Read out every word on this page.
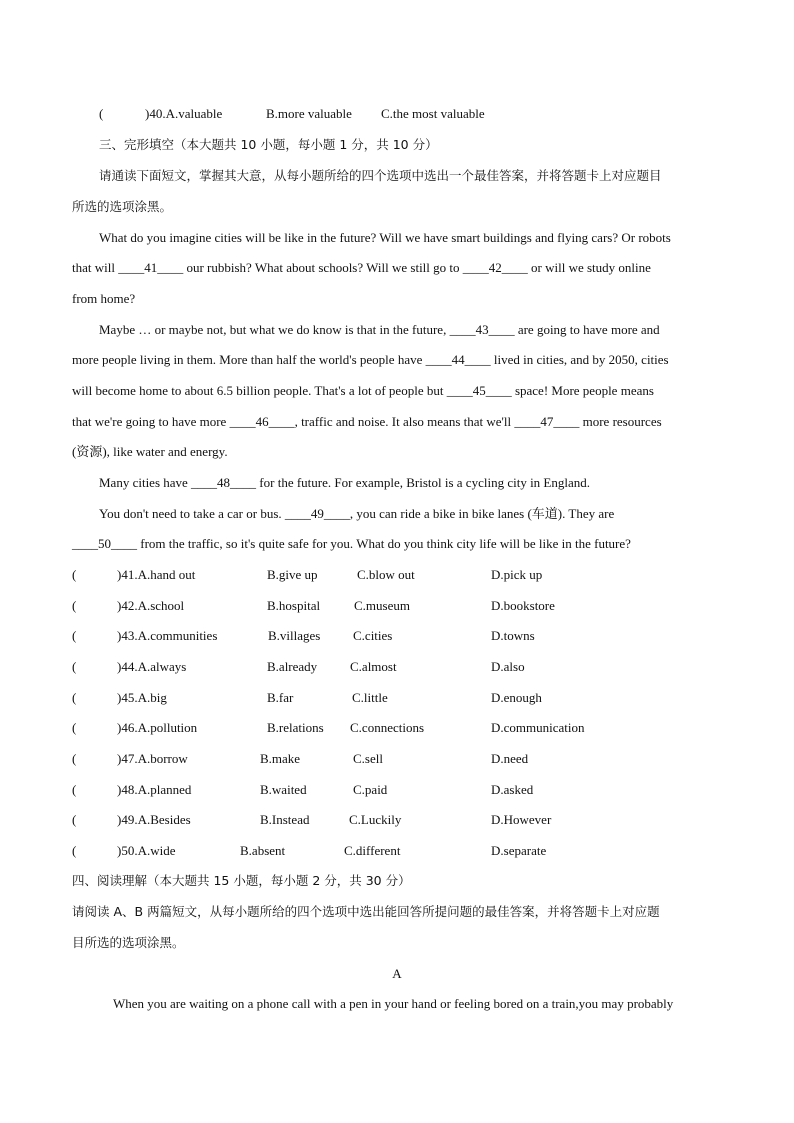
(	)40.A.valuable	B.more valuable C.the most valuable
三、完形填空（本大题共 10 小题，每小题 1 分，共 10 分）
请通读下面短文，掌握其大意，从每小题所给的四个选项中选出一个最佳答案，并将答题卡上对应题目
所选的选项涂黑。
What do you imagine cities will be like in the future? Will we have smart buildings and flying cars? Or robots
that will ____41____ our rubbish? What about schools? Will we still go to ____42____ or will we study online
from home?
Maybe … or maybe not, but what we do know is that in the future, ____43____ are going to have more and
more people living in them. More than half the world's people have ____44____ lived in cities, and by 2050, cities
will become home to about 6.5 billion people. That's a lot of people but ____45____ space! More people means
that we're going to have more ____46____, traffic and noise. It also means that we'll ____47____ more resources
(资源), like water and energy.
Many cities have ____48____ for the future. For example, Bristol is a cycling city in England.
You don't need to take a car or bus. ____49____, you can ride a bike in bike lanes (车道). They are
____50____ from the traffic, so it's quite safe for you. What do you think city life will be like in the future?
(	)41.A.hand out	B.give up	C.blow out	D.pick up
(	)42.A.school	B.hospital	C.museum	D.bookstore
(	)43.A.communities	B.villages	C.cities	D.towns
(	)44.A.always	B.already	C.almost	D.also
(	)45.A.big	B.far	C.little	D.enough
(	)46.A.pollution	B.relations C.connections	D.communication
(	)47.A.borrow	B.make	C.sell	D.need
(	)48.A.planned	B.waited	C.paid	D.asked
(	)49.A.Besides	B.Instead	C.Luckily	D.However
(	)50.A.wide	B.absent	C.different	D.separate
四、阅读理解（本大题共 15 小题，每小题 2 分，共 30 分）
请阅读 A、B 两篇短文，从每小题所给的四个选项中选出能回答所提问题的最佳答案，并将答题卡上对应题
目所选的选项涂黑。
A
When you are waiting on a phone call with a pen in your hand or feeling bored on a train,you may probably
